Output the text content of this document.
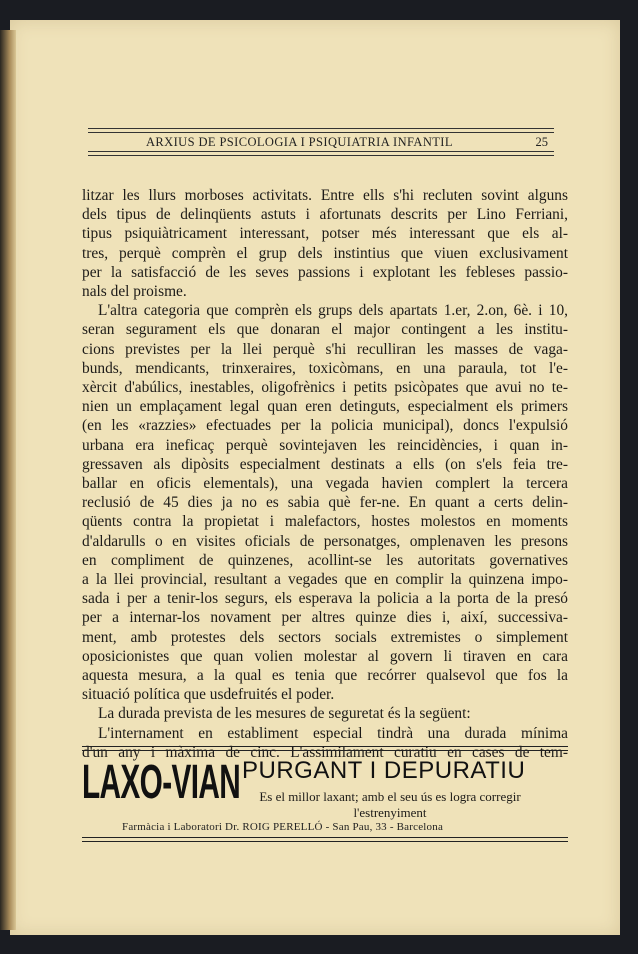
ARXIUS DE PSICOLOGIA I PSIQUIATRIA INFANTIL	25
litzar les llurs morboses activitats. Entre ells s'hi recluten sovint alguns
dels tipus de delinqüents astuts i afortunats descrits per Lino Ferriani,
tipus psiquiàtricament interessant, potser més interessant que els al-
tres, perquè comprèn el grup dels instintius que viuen exclusivament
per la satisfacció de les seves passions i explotant les febleses passio-
nals del proisme.
L'altra categoria que comprèn els grups dels apartats 1.er, 2.on, 6è. i 10,
seran segurament els que donaran el major contingent a les institu-
cions previstes per la llei perquè s'hi reculliran les masses de vaga-
bunds, mendicants, trinxeraires, toxicòmans, en una paraula, tot l'e-
xèrcit d'abúlics, inestables, oligofrènics i petits psicòpates que avui no te-
nien un emplaçament legal quan eren detinguts, especialment els primers
(en les «razzies» efectuades per la policia municipal), doncs l'expulsió
urbana era ineficaç perquè sovintejaven les reincidències, i quan in-
gressaven als dipòsits especialment destinats a ells (on s'els feia tre-
ballar en oficis elementals), una vegada havien complert la tercera
reclusió de 45 dies ja no es sabia què fer-ne. En quant a certs delin-
qüents contra la propietat i malefactors, hostes molestos en moments
d'aldarulls o en visites oficials de personatges, omplenaven les presons
en compliment de quinzenes, acollint-se les autoritats governatives
a la llei provincial, resultant a vegades que en complir la quinzena impo-
sada i per a tenir-los segurs, els esperava la policia a la porta de la presó
per a internar-los novament per altres quinze dies i, així, successiva-
ment, amb protestes dels sectors socials extremistes o simplement
oposicionistes que quan volien molestar al govern li tiraven en cara
aquesta mesura, a la qual es tenia que recórrer qualsevol que fos la
situació política que usdefruités el poder.
La durada prevista de les mesures de seguretat és la següent:
L'internament en establiment especial tindrà una durada mínima
d'un any i màxima de cinc. L'assimilament curatiu en cases de tem-
LAXO-VIAN PURGANT I DEPURATIU
Es el millor laxant; amb el seu ús es logra corregir l'estrenyiment
Farmàcia i Laboratori Dr. ROIG PERELLÓ - San Pau, 33 - Barcelona
